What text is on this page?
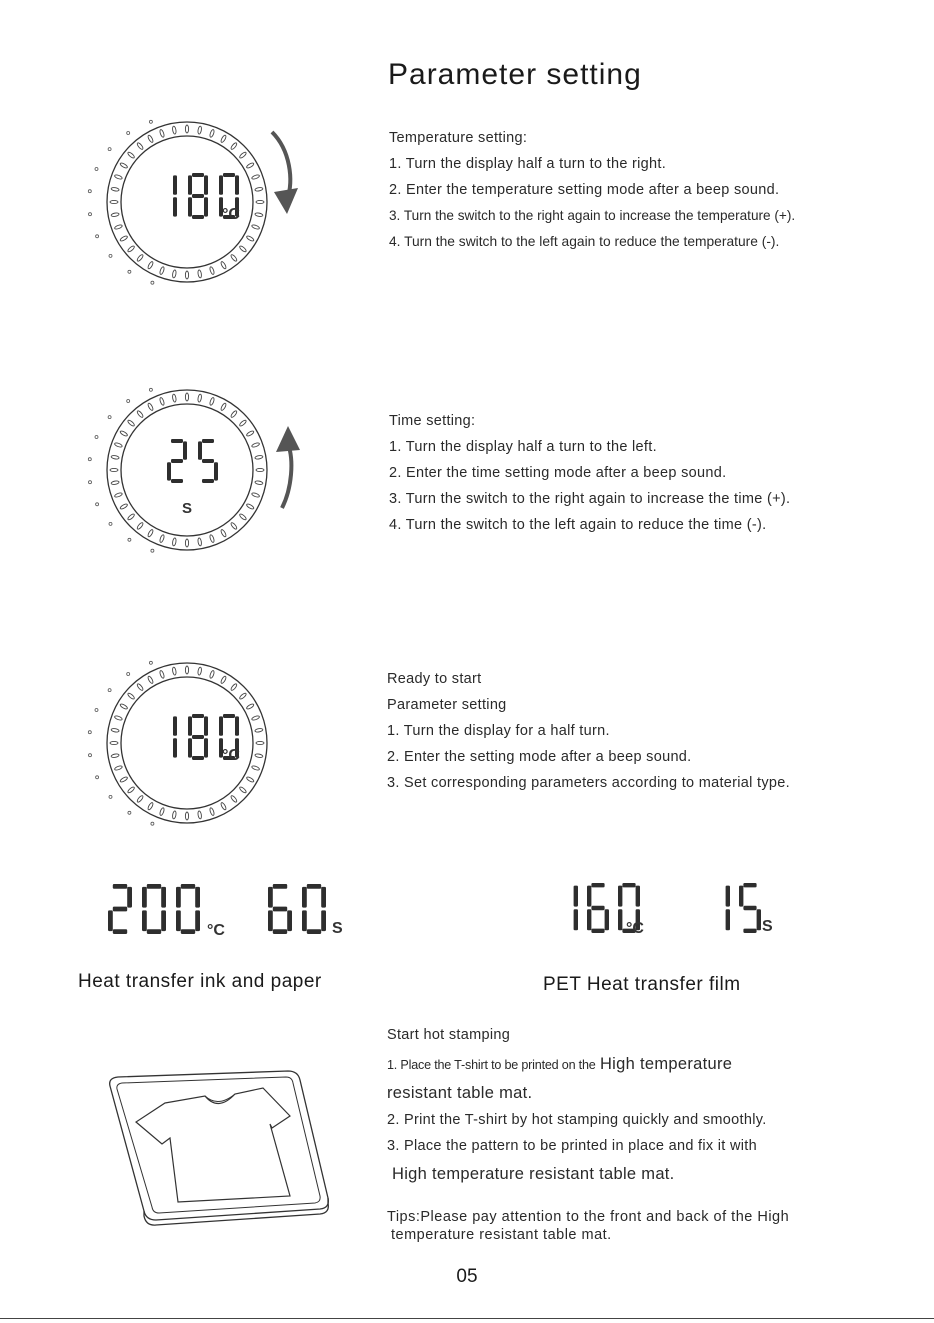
Parameter setting
°C
Temperature setting:
1. Turn the display half a turn to the right.
2. Enter the temperature setting mode after a beep sound.
3. Turn the switch to the right again to increase the temperature (+).
4. Turn the switch to the left again to reduce the temperature (-).
S
Time setting:
1. Turn the display half a turn to the left.
2. Enter the time setting mode after a beep sound.
3. Turn the switch to the right again to increase the time (+).
4. Turn the switch to the left again to reduce the time (-).
°C
Ready to start
Parameter setting
1. Turn the display for a half turn.
2. Enter the setting mode after a beep sound.
3. Set corresponding parameters according to material type.
°C	S
Heat transfer ink and paper
°C	S
PET Heat transfer film
Start hot stamping
1. Place the T-shirt to be printed on the High temperature
resistant table mat.
2. Print the T-shirt by hot stamping quickly and smoothly.
3. Place the pattern to be printed in place and fix it with
High temperature resistant table mat.
Tips:Please pay attention to the front and back of the High
temperature resistant table mat.
05
